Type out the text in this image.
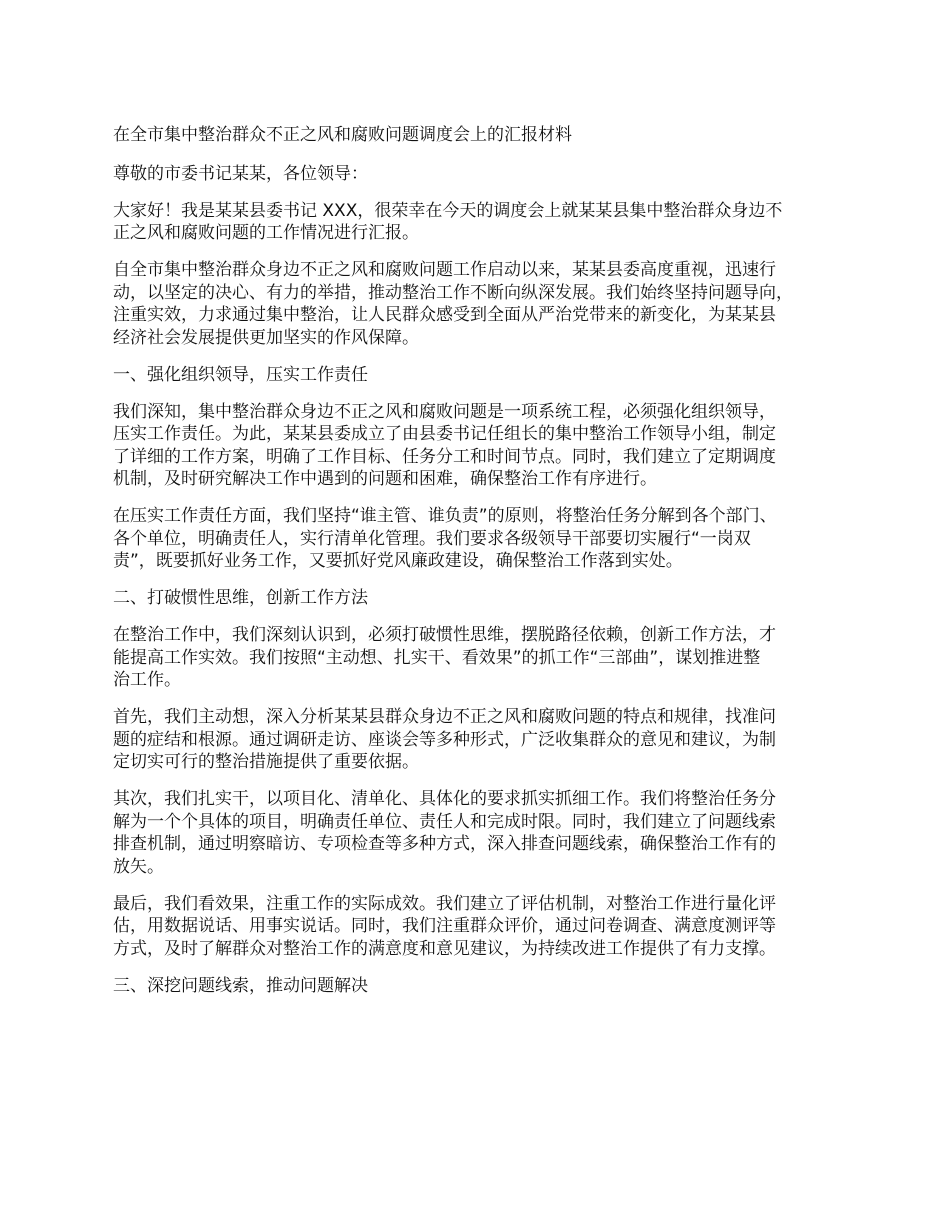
在全市集中整治群众不正之风和腐败问题调度会上的汇报材料
尊敬的市委书记某某，各位领导：
大家好！我是某某县委书记 XXX，很荣幸在今天的调度会上就某某县集中整治群众身边不
正之风和腐败问题的工作情况进行汇报。
自全市集中整治群众身边不正之风和腐败问题工作启动以来，某某县委高度重视，迅速行
动，以坚定的决心、有力的举措，推动整治工作不断向纵深发展。我们始终坚持问题导向，
注重实效，力求通过集中整治，让人民群众感受到全面从严治党带来的新变化，为某某县
经济社会发展提供更加坚实的作风保障。
一、强化组织领导，压实工作责任
我们深知，集中整治群众身边不正之风和腐败问题是一项系统工程，必须强化组织领导，
压实工作责任。为此，某某县委成立了由县委书记任组长的集中整治工作领导小组，制定
了详细的工作方案，明确了工作目标、任务分工和时间节点。同时，我们建立了定期调度
机制，及时研究解决工作中遇到的问题和困难，确保整治工作有序进行。
在压实工作责任方面，我们坚持“谁主管、谁负责”的原则，将整治任务分解到各个部门、
各个单位，明确责任人，实行清单化管理。我们要求各级领导干部要切实履行“一岗双
责”，既要抓好业务工作，又要抓好党风廉政建设，确保整治工作落到实处。
二、打破惯性思维，创新工作方法
在整治工作中，我们深刻认识到，必须打破惯性思维，摆脱路径依赖，创新工作方法，才
能提高工作实效。我们按照“主动想、扎实干、看效果”的抓工作“三部曲”，谋划推进整
治工作。
首先，我们主动想，深入分析某某县群众身边不正之风和腐败问题的特点和规律，找准问
题的症结和根源。通过调研走访、座谈会等多种形式，广泛收集群众的意见和建议，为制
定切实可行的整治措施提供了重要依据。
其次，我们扎实干，以项目化、清单化、具体化的要求抓实抓细工作。我们将整治任务分
解为一个个具体的项目，明确责任单位、责任人和完成时限。同时，我们建立了问题线索
排查机制，通过明察暗访、专项检查等多种方式，深入排查问题线索，确保整治工作有的
放矢。
最后，我们看效果，注重工作的实际成效。我们建立了评估机制，对整治工作进行量化评
估，用数据说话、用事实说话。同时，我们注重群众评价，通过问卷调查、满意度测评等
方式，及时了解群众对整治工作的满意度和意见建议，为持续改进工作提供了有力支撑。
三、深挖问题线索，推动问题解决
